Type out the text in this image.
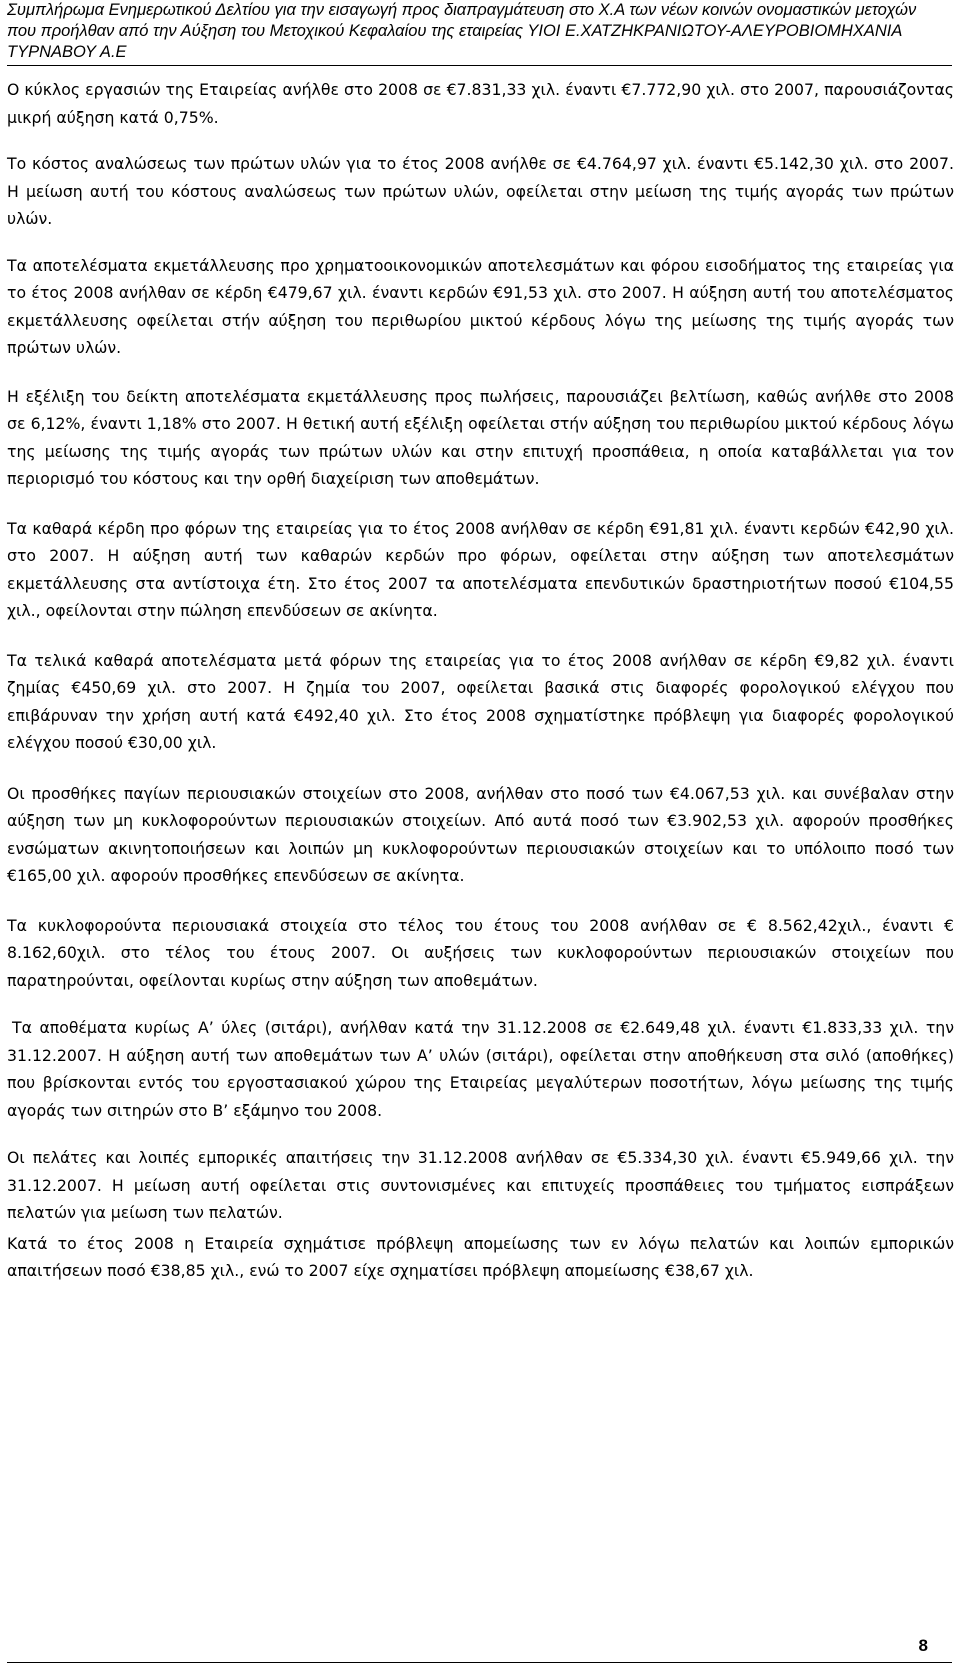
Συμπλήρωμα Ενημερωτικού Δελτίου για την εισαγωγή προς διαπραγμάτευση στο Χ.Α των νέων κοινών ονομαστικών μετοχών που προήλθαν από την Αύξηση του Μετοχικού Κεφαλαίου της εταιρείας ΥΙΟΙ Ε.ΧΑΤΖΗΚΡΑΝΙΩΤΟΥ-ΑΛΕΥΡΟΒΙΟΜΗΧΑΝΙΑ ΤΥΡΝΑΒΟΥ Α.Ε

Ο κύκλος εργασιών της Εταιρείας ανήλθε στο 2008 σε €7.831,33 χιλ. έναντι €7.772,90 χιλ. στο 2007, παρουσιάζοντας μικρή αύξηση κατά 0,75%.

Το κόστος αναλώσεως των πρώτων υλών για το έτος 2008 ανήλθε σε €4.764,97 χιλ. έναντι €5.142,30 χιλ. στο 2007. Η μείωση αυτή του κόστους αναλώσεως των πρώτων υλών, οφείλεται στην μείωση της τιμής αγοράς των πρώτων υλών.

Τα αποτελέσματα εκμετάλλευσης προ χρηματοοικονομικών αποτελεσμάτων και φόρου εισοδήματος της εταιρείας για το έτος 2008 ανήλθαν σε κέρδη €479,67 χιλ. έναντι κερδών €91,53 χιλ. στο 2007. Η αύξηση αυτή του αποτελέσματος εκμετάλλευσης οφείλεται στήν αύξηση του περιθωρίου μικτού κέρδους λόγω της μείωσης της τιμής αγοράς των πρώτων υλών.

Η εξέλιξη του δείκτη αποτελέσματα εκμετάλλευσης προς πωλήσεις, παρουσιάζει βελτίωση, καθώς ανήλθε στο 2008 σε 6,12%, έναντι 1,18% στο 2007. Η θετική αυτή εξέλιξη οφείλεται στήν αύξηση του περιθωρίου μικτού κέρδους λόγω της μείωσης της τιμής αγοράς των πρώτων υλών και στην επιτυχή προσπάθεια, η οποία καταβάλλεται για τον περιορισμό του κόστους και την ορθή διαχείριση των αποθεμάτων.

Τα καθαρά κέρδη προ φόρων της εταιρείας για το έτος 2008 ανήλθαν σε κέρδη €91,81 χιλ. έναντι κερδών €42,90 χιλ. στο 2007. Η αύξηση αυτή των καθαρών κερδών προ φόρων, οφείλεται στην αύξηση των αποτελεσμάτων εκμετάλλευσης στα αντίστοιχα έτη. Στο έτος 2007 τα αποτελέσματα επενδυτικών δραστηριοτήτων ποσού €104,55 χιλ., οφείλονται στην πώληση επενδύσεων σε ακίνητα.

Τα τελικά καθαρά αποτελέσματα μετά φόρων της εταιρείας για το έτος 2008 ανήλθαν σε κέρδη €9,82 χιλ. έναντι ζημίας €450,69 χιλ. στο 2007. Η ζημία του 2007, οφείλεται βασικά στις διαφορές φορολογικού ελέγχου που επιβάρυναν την χρήση αυτή κατά €492,40 χιλ. Στο έτος 2008 σχηματίστηκε πρόβλεψη για διαφορές φορολογικού ελέγχου ποσού €30,00 χιλ.

Οι προσθήκες παγίων περιουσιακών στοιχείων στο 2008, ανήλθαν στο ποσό των €4.067,53 χιλ. και συνέβαλαν στην αύξηση των μη κυκλοφορούντων περιουσιακών στοιχείων. Από αυτά ποσό των €3.902,53 χιλ. αφορούν προσθήκες ενσώματων ακινητοποιήσεων και λοιπών μη κυκλοφορούντων περιουσιακών στοιχείων και το υπόλοιπο ποσό των €165,00 χιλ. αφορούν προσθήκες επενδύσεων σε ακίνητα.

Τα κυκλοφορούντα περιουσιακά στοιχεία στο τέλος του έτους του 2008 ανήλθαν σε € 8.562,42χιλ., έναντι € 8.162,60χιλ. στο τέλος του έτους 2007. Οι αυξήσεις των κυκλοφορούντων περιουσιακών στοιχείων που παρατηρούνται, οφείλονται κυρίως στην αύξηση των αποθεμάτων.

Τα αποθέματα κυρίως Α’ ύλες (σιτάρι), ανήλθαν κατά την 31.12.2008 σε €2.649,48 χιλ. έναντι €1.833,33 χιλ. την 31.12.2007. Η αύξηση αυτή των αποθεμάτων των Α’ υλών (σιτάρι), οφείλεται στην αποθήκευση στα σιλό (αποθήκες) που βρίσκονται εντός του εργοστασιακού χώρου της Εταιρείας μεγαλύτερων ποσοτήτων, λόγω μείωσης της τιμής αγοράς των σιτηρών στο Β’ εξάμηνο του 2008.

Οι πελάτες και λοιπές εμπορικές απαιτήσεις την 31.12.2008 ανήλθαν σε €5.334,30 χιλ. έναντι €5.949,66 χιλ. την 31.12.2007. Η μείωση αυτή οφείλεται στις συντονισμένες και επιτυχείς προσπάθειες του τμήματος εισπράξεων πελατών για μείωση των πελατών.

Κατά το έτος 2008 η Εταιρεία σχημάτισε πρόβλεψη απομείωσης των εν λόγω πελατών και λοιπών εμπορικών απαιτήσεων ποσό €38,85 χιλ., ενώ το 2007 είχε σχηματίσει πρόβλεψη απομείωσης €38,67 χιλ.

8
